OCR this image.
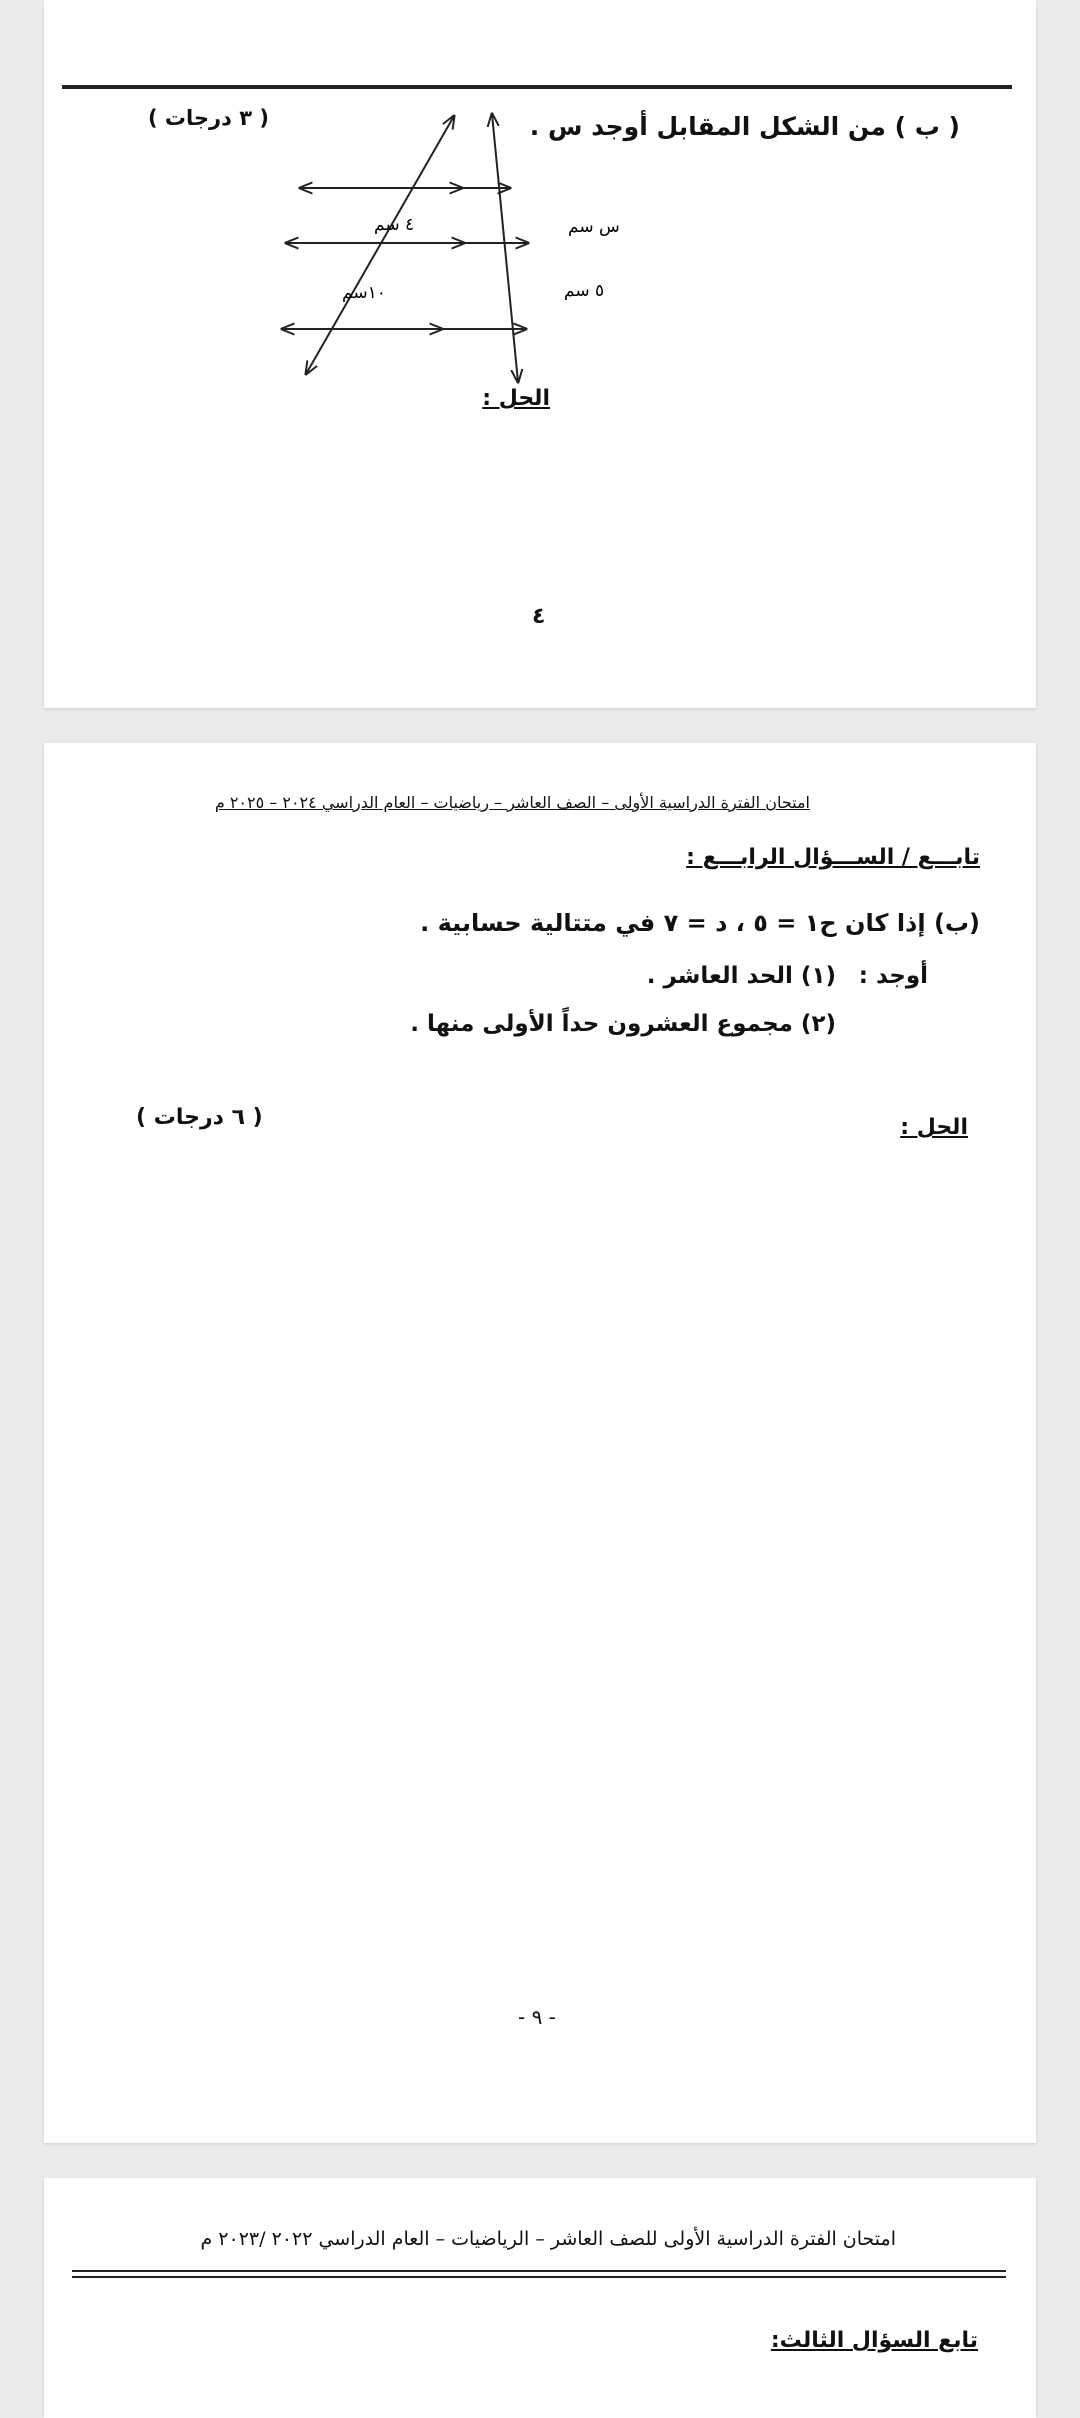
( ب ) من الشكل المقابل أوجد س .
( ٣ درجات )
س سم
٤ سم
٥ سم
١٠سم
الحل :
٤
امتحان الفترة الدراسية الأولى – الصف العاشر – رياضيات – العام الدراسي ٢٠٢٤ – ٢٠٢٥ م
تابـــع / الســـؤال الرابـــع :
(ب) إذا كان ح١ = ٥ ، د = ٧ في متتالية حسابية .
أوجد :
(١) الحد العاشر .
(٢) مجموع العشرون حداً الأولى منها .
( ٦ درجات )	الحل :
- ٩ -
امتحان الفترة الدراسية الأولى للصف العاشر – الرياضيات – العام الدراسي ٢٠٢٢ /٢٠٢٣ م
تابع السؤال الثالث:
